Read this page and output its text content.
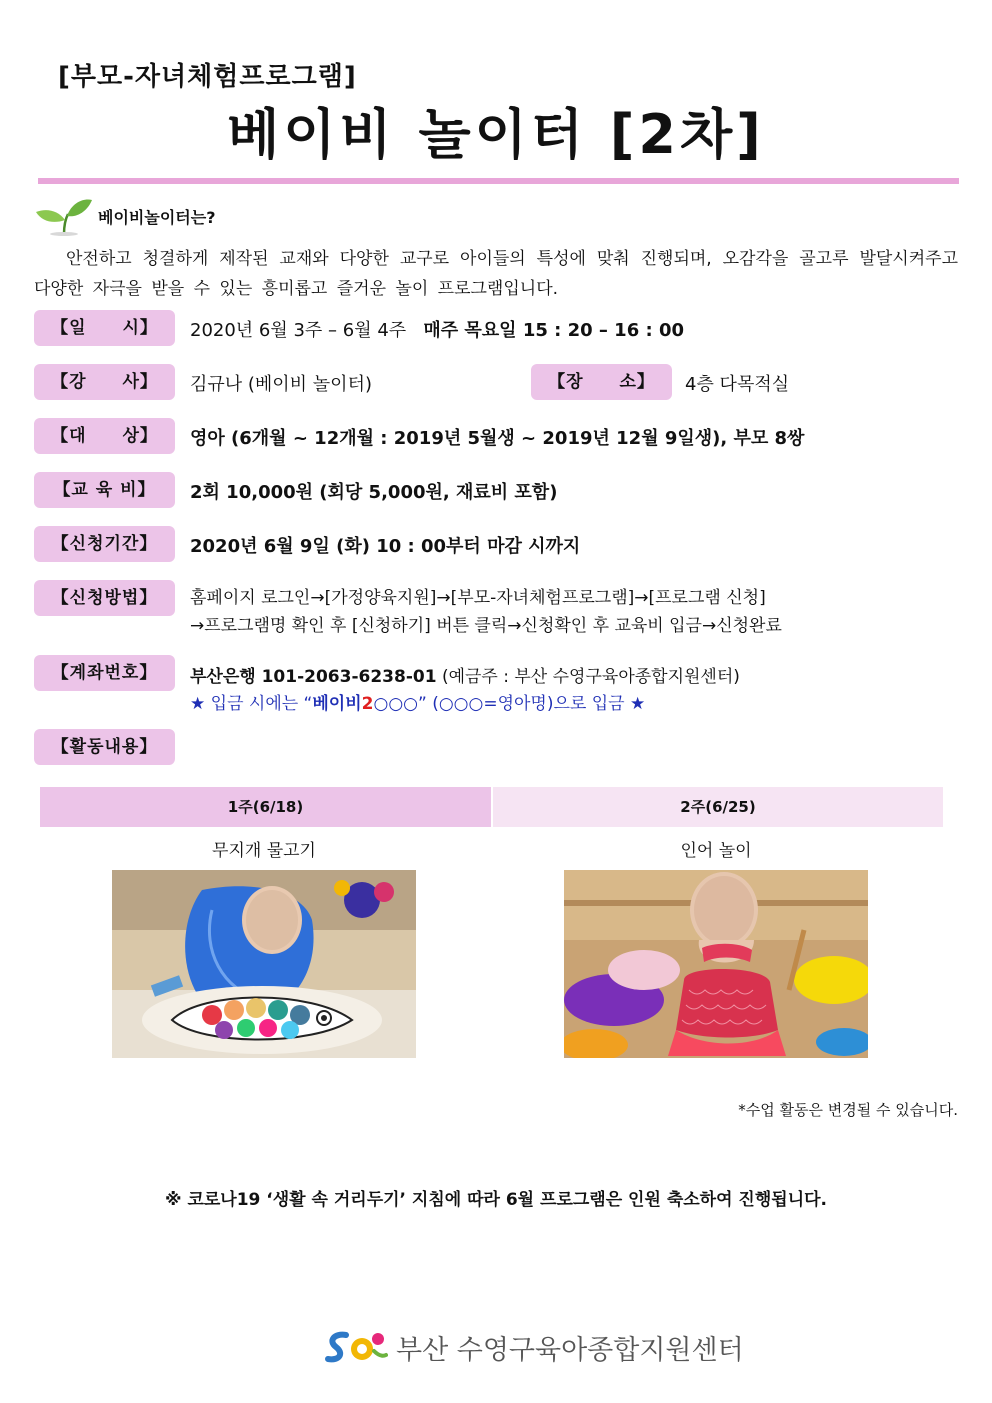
[부모-자녀체험프로그램]
베이비 놀이터 [2차]
베이비놀이터는?
안전하고 청결하게 제작된 교재와 다양한 교구로 아이들의 특성에 맞춰 진행되며, 오감각을 골고루 발달시켜주고 다양한 자극을 받을 수 있는 흥미롭고 즐거운 놀이 프로그램입니다.
【일　　시】	2020년 6월 3주 – 6월 4주 매주 목요일 15 : 20 – 16 : 00
【강　　사】	김규나 (베이비 놀이터)	【장　　소】	4층 다목적실
【대　　상】	영아 (6개월 ~ 12개월 : 2019년 5월생 ~ 2019년 12월 9일생), 부모 8쌍
【교 육 비】	2회 10,000원 (회당 5,000원, 재료비 포함)
【신청기간】	2020년 6월 9일 (화) 10 : 00부터 마감 시까지
【신청방법】	홈페이지 로그인→[가정양육지원]→[부모-자녀체험프로그램]→[프로그램 신청]
→프로그램명 확인 후 [신청하기] 버튼 클릭→신청확인 후 교육비 입금→신청완료
【계좌번호】	부산은행 101-2063-6238-01 (예금주 : 부산 수영구육아종합지원센터)
★ 입금 시에는 “베이비2○○○” (○○○=영아명)으로 입금 ★
【활동내용】
1주(6/18)	2주(6/25)
무지개 물고기	인어 놀이
*수업 활동은 변경될 수 있습니다.
※ 코로나19 ‘생활 속 거리두기’ 지침에 따라 6월 프로그램은 인원 축소하여 진행됩니다.
부산 수영구육아종합지원센터
